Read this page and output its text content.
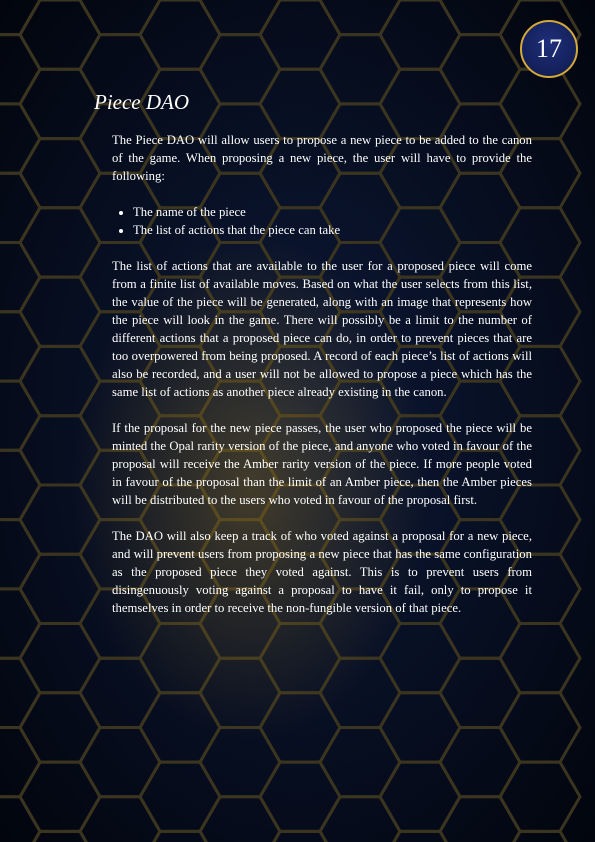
17
Piece DAO

The Piece DAO will allow users to propose a new piece to be added to the canon of the game. When proposing a new piece, the user will have to provide the following:

• The name of the piece
• The list of actions that the piece can take

The list of actions that are available to the user for a proposed piece will come from a finite list of available moves. Based on what the user selects from this list, the value of the piece will be generated, along with an image that represents how the piece will look in the game. There will possibly be a limit to the number of different actions that a proposed piece can do, in order to prevent pieces that are too overpowered from being proposed. A record of each piece’s list of actions will also be recorded, and a user will not be allowed to propose a piece which has the same list of actions as another piece already existing in the canon.

If the proposal for the new piece passes, the user who proposed the piece will be minted the Opal rarity version of the piece, and anyone who voted in favour of the proposal will receive the Amber rarity version of the piece. If more people voted in favour of the proposal than the limit of an Amber piece, then the Amber pieces will be distributed to the users who voted in favour of the proposal first.

The DAO will also keep a track of who voted against a proposal for a new piece, and will prevent users from proposing a new piece that has the same configuration as the proposed piece they voted against. This is to prevent users from disingenuously voting against a proposal to have it fail, only to propose it themselves in order to receive the non-fungible version of that piece.
